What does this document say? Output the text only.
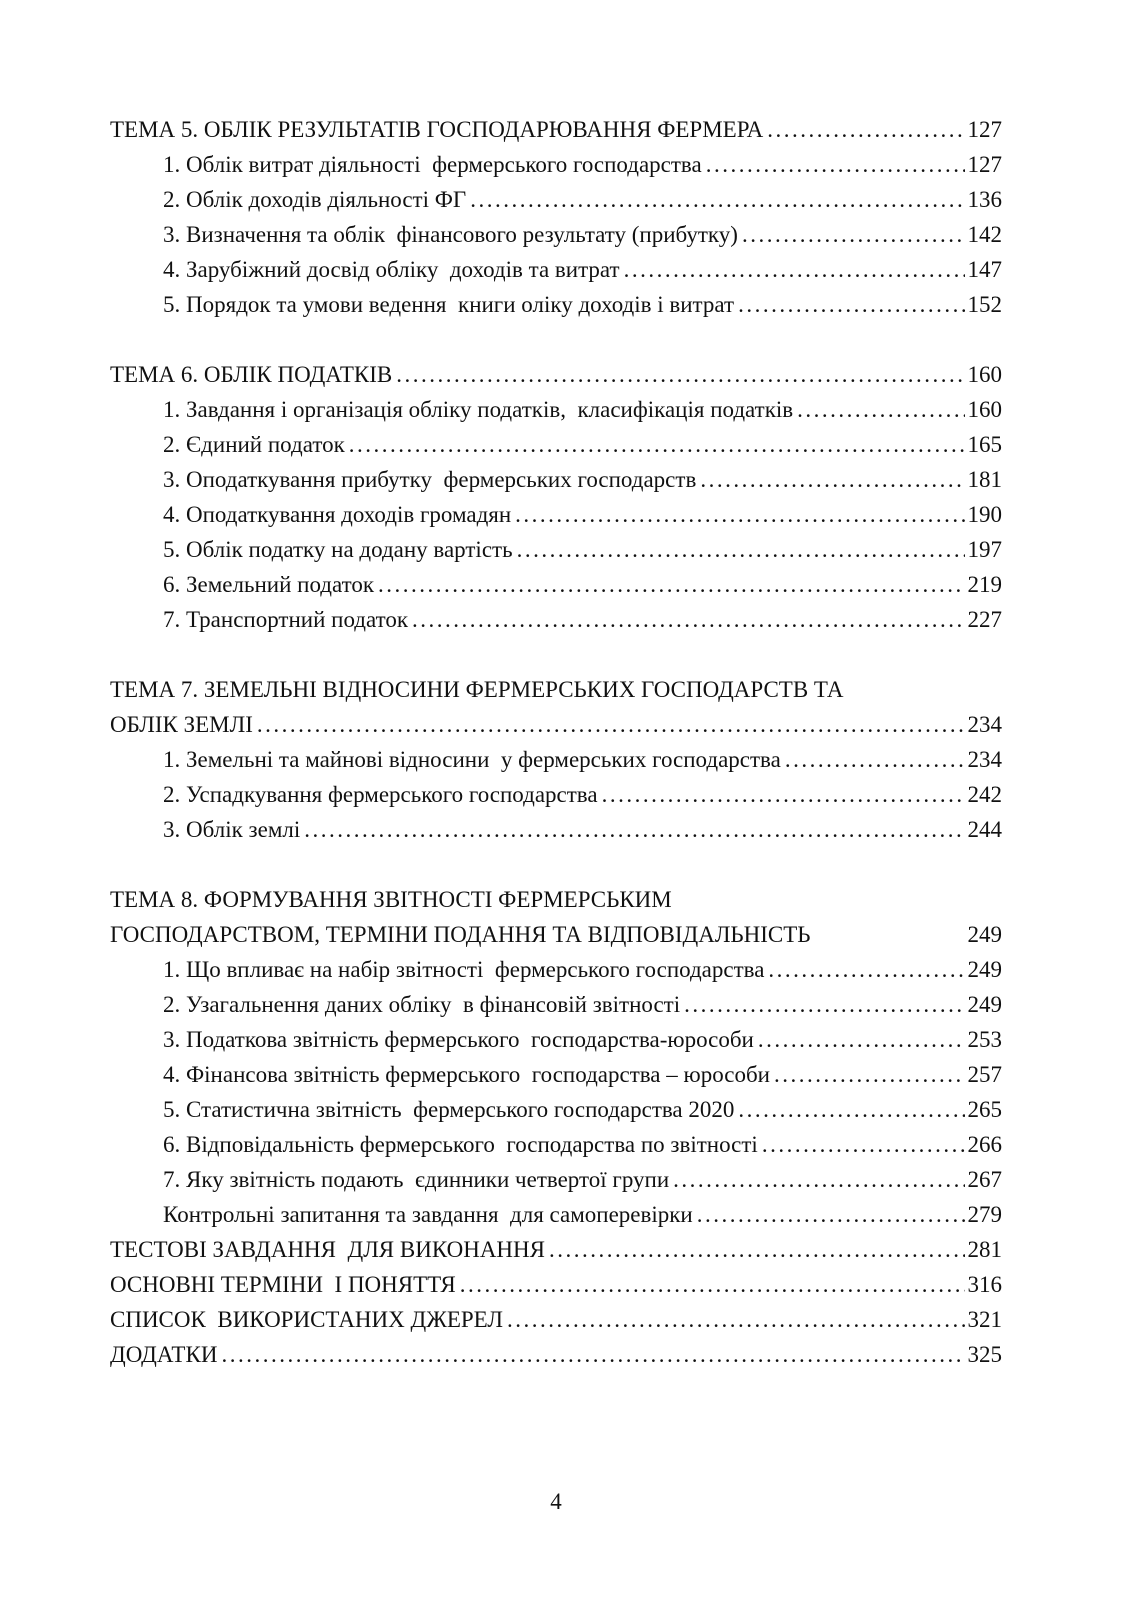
ТЕМА 5. ОБЛІК РЕЗУЛЬТАТІВ ГОСПОДАРЮВАННЯ ФЕРМЕРА .....	127
1. Облік витрат діяльності  фермерського господарства .....	127
2. Облік доходів діяльності ФГ .....	136
3. Визначення та облік  фінансового результату (прибутку) .....	142
4. Зарубіжний досвід обліку  доходів та витрат .....	147
5. Порядок та умови ведення  книги оліку доходів і витрат .....	152
ТЕМА 6. ОБЛІК ПОДАТКІВ .....	160
1. Завдання і організація обліку податків,  класифікація податків .....	160
2. Єдиний податок .....	165
3. Оподаткування прибутку  фермерських господарств .....	181
4. Оподаткування доходів громадян .....	190
5. Облік податку на додану вартість .....	197
6. Земельний податок .....	219
7. Транспортний податок .....	227
ТЕМА 7. ЗЕМЕЛЬНІ ВІДНОСИНИ ФЕРМЕРСЬКИХ ГОСПОДАРСТВ ТА
ОБЛІК ЗЕМЛІ .....	234
1. Земельні та майнові відносини  у фермерських господарства .....	234
2. Успадкування фермерського господарства .....	242
3. Облік землі .....	244
ТЕМА 8. ФОРМУВАННЯ ЗВІТНОСТІ ФЕРМЕРСЬКИМ
ГОСПОДАРСТВОМ, ТЕРМІНИ ПОДАННЯ ТА ВІДПОВІДАЛЬНІСТЬ	249
1. Що впливає на набір звітності  фермерського господарства .....	249
2. Узагальнення даних обліку  в фінансовій звітності .....	249
3. Податкова звітність фермерського  господарства-юрособи .....	253
4. Фінансова звітність фермерського  господарства – юрособи .....	257
5. Статистична звітність  фермерського господарства 2020 .....	265
6. Відповідальність фермерського  господарства по звітності .....	266
7. Яку звітність подають  єдинники четвертої групи .....	267
Контрольні запитання та завдання  для самоперевірки .....	279
ТЕСТОВІ ЗАВДАННЯ  ДЛЯ ВИКОНАННЯ .....	281
ОСНОВНІ ТЕРМІНИ  І ПОНЯТТЯ .....	316
СПИСОК  ВИКОРИСТАНИХ ДЖЕРЕЛ .....	321
ДОДАТКИ .....	325
4
